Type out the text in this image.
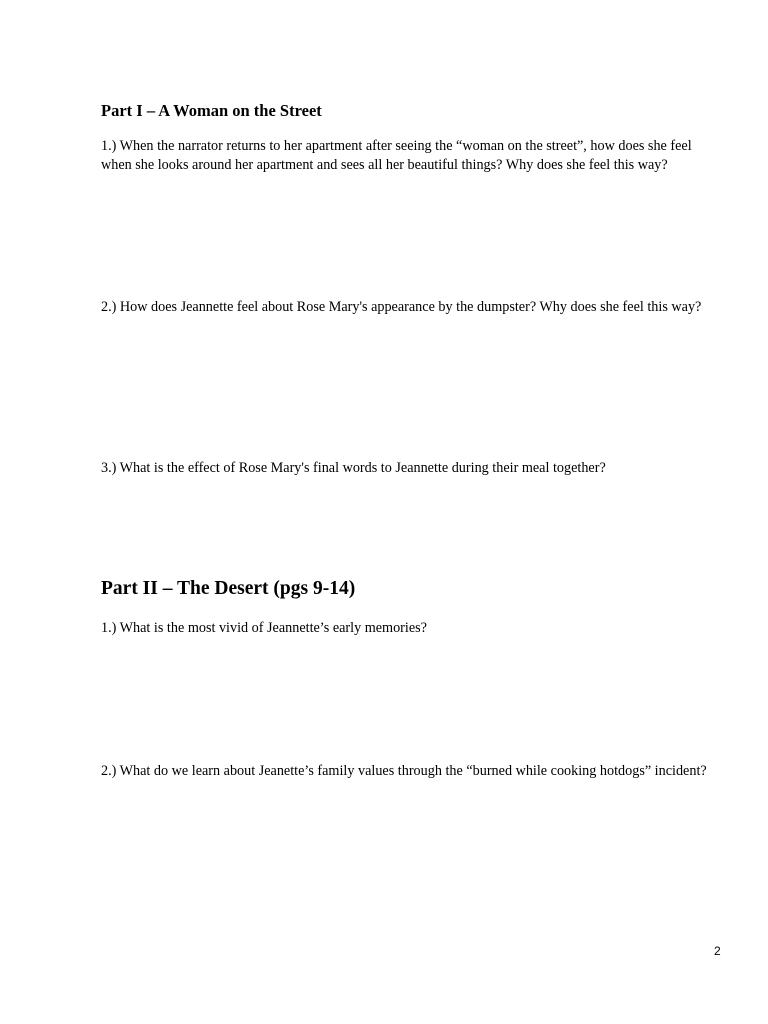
Part I – A Woman on the Street

1.) When the narrator returns to her apartment after seeing the “woman on the street”, how does she feel when she looks around her apartment and sees all her beautiful things? Why does she feel this way?

2.) How does Jeannette feel about Rose Mary's appearance by the dumpster? Why does she feel this way?

3.) What is the effect of Rose Mary's final words to Jeannette during their meal together?

Part II – The Desert (pgs 9-14)

1.) What is the most vivid of Jeannette’s early memories?

2.) What do we learn about Jeanette’s family values through the “burned while cooking hotdogs” incident?

2
